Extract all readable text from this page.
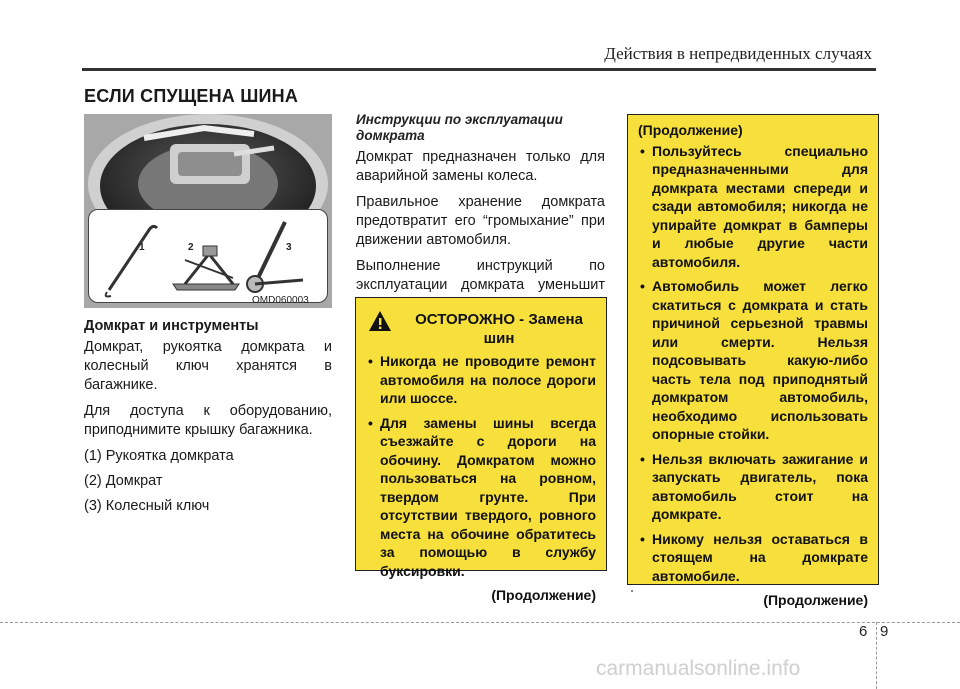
Действия в непредвиденных случаях
ЕСЛИ СПУЩЕНА ШИНА
1	2	3
OMD060003
Домкрат и инструменты

Домкрат, рукоятка домкрата и колесный ключ хранятся в багажнике.

Для доступа к оборудованию, приподнимите крышку багажника.

(1) Рукоятка домкрата
(2) Домкрат
(3) Колесный ключ
Инструкции по эксплуатации домкрата

Домкрат предназначен только для аварийной замены колеса.

Правильное хранение домкрата предотвратит его “громыхание” при движении автомобиля.

Выполнение инструкций по эксплуатации домкрата уменьшит

ОСТОРОЖНО - Замена шин
• Никогда не проводите ремонт автомобиля на полосе дороги или шоссе.
• Для замены шины всегда съезжайте с дороги на обочину. Домкратом можно пользоваться на ровном, твердом грунте. При отсутствии твердого, ровного места на обочине обратитесь за помощью в службу буксировки.
(Продолжение)
(Продолжение)
• Пользуйтесь специально предназначенными для домкрата местами спереди и сзади автомобиля; никогда не упирайте домкрат в бамперы и любые другие части автомобиля.
• Автомобиль может легко скатиться с домкрата и стать причиной серьезной травмы или смерти. Нельзя подсовывать какую-либо часть тела под приподнятый домкратом автомобиль, необходимо использовать опорные стойки.
• Нельзя включать зажигание и запускать двигатель, пока автомобиль стоит на домкрате.
• Никому нельзя оставаться в стоящем на домкрате автомобиле.
(Продолжение)
6 9
carmanualsonline.info
